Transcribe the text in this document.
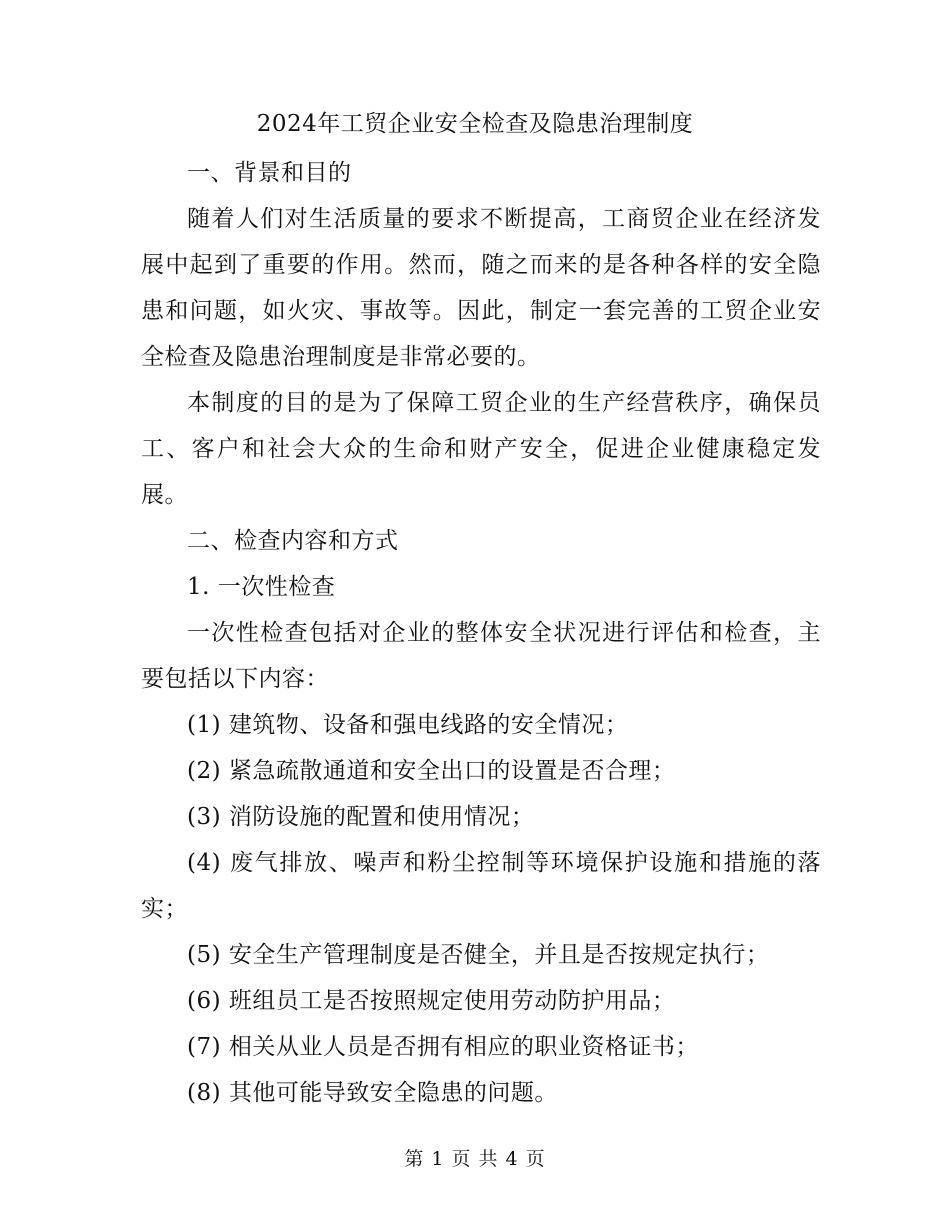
2024年工贸企业安全检查及隐患治理制度

一、背景和目的

随着人们对生活质量的要求不断提高，工商贸企业在经济发展中起到了重要的作用。然而，随之而来的是各种各样的安全隐患和问题，如火灾、事故等。因此，制定一套完善的工贸企业安全检查及隐患治理制度是非常必要的。

本制度的目的是为了保障工贸企业的生产经营秩序，确保员工、客户和社会大众的生命和财产安全，促进企业健康稳定发展。

二、检查内容和方式

1. 一次性检查

一次性检查包括对企业的整体安全状况进行评估和检查，主要包括以下内容：

(1) 建筑物、设备和强电线路的安全情况；

(2) 紧急疏散通道和安全出口的设置是否合理；

(3) 消防设施的配置和使用情况；

(4) 废气排放、噪声和粉尘控制等环境保护设施和措施的落实；

(5) 安全生产管理制度是否健全，并且是否按规定执行；

(6) 班组员工是否按照规定使用劳动防护用品；

(7) 相关从业人员是否拥有相应的职业资格证书；

(8) 其他可能导致安全隐患的问题。

第 1 页 共 4 页
